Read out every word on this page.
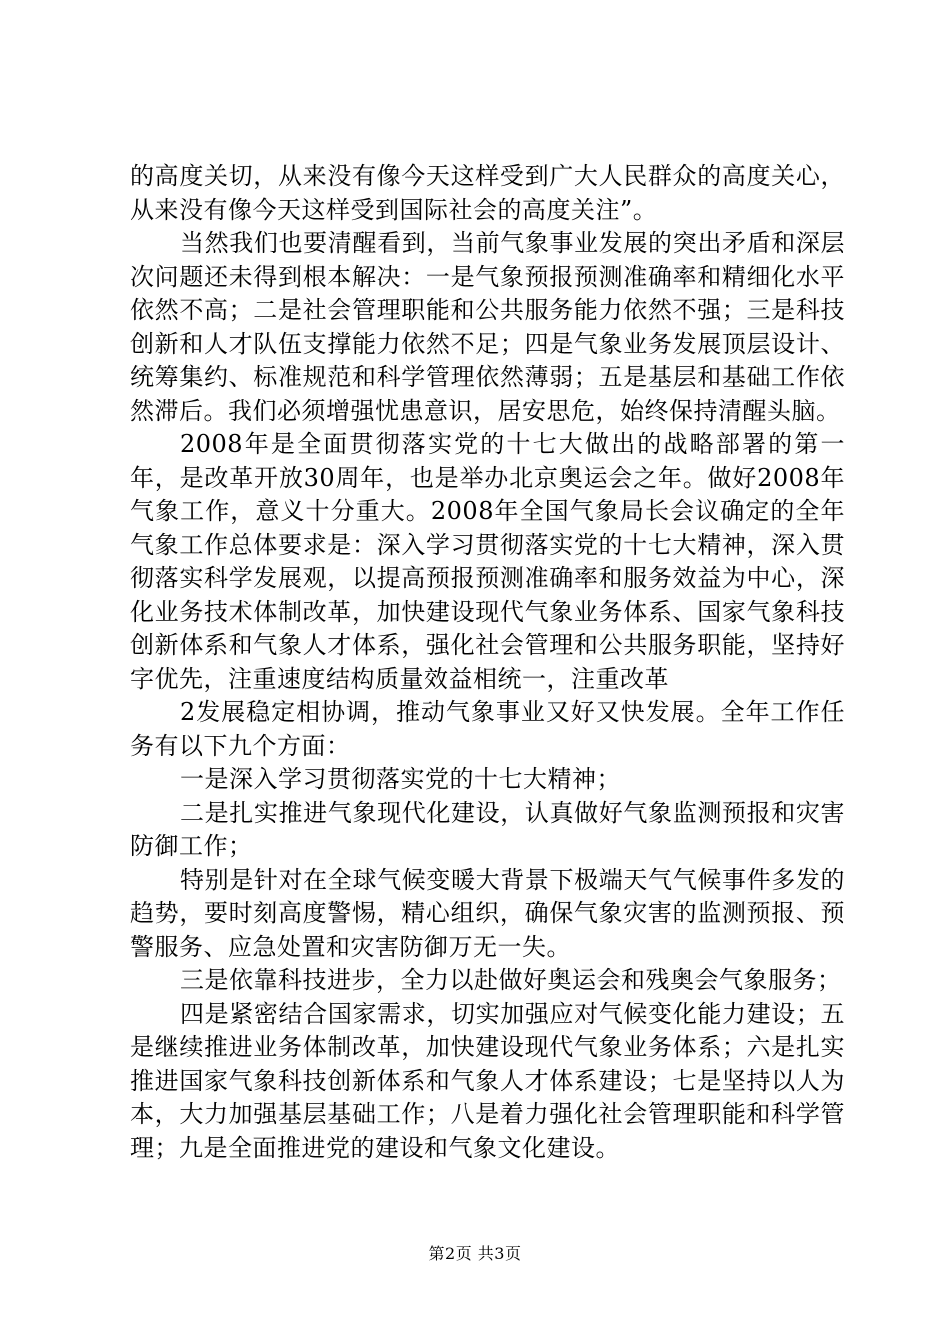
的高度关切，从来没有像今天这样受到广大人民群众的高度关心，从来没有像今天这样受到国际社会的高度关注”。

当然我们也要清醒看到，当前气象事业发展的突出矛盾和深层次问题还未得到根本解决：一是气象预报预测准确率和精细化水平依然不高；二是社会管理职能和公共服务能力依然不强；三是科技创新和人才队伍支撑能力依然不足；四是气象业务发展顶层设计、统筹集约、标准规范和科学管理依然薄弱；五是基层和基础工作依然滞后。我们必须增强忧患意识，居安思危，始终保持清醒头脑。

2008年是全面贯彻落实党的十七大做出的战略部署的第一年，是改革开放30周年，也是举办北京奥运会之年。做好2008年气象工作，意义十分重大。2008年全国气象局长会议确定的全年气象工作总体要求是：深入学习贯彻落实党的十七大精神，深入贯彻落实科学发展观，以提高预报预测准确率和服务效益为中心，深化业务技术体制改革，加快建设现代气象业务体系、国家气象科技创新体系和气象人才体系，强化社会管理和公共服务职能，坚持好字优先，注重速度结构质量效益相统一，注重改革

2发展稳定相协调，推动气象事业又好又快发展。全年工作任务有以下九个方面：

一是深入学习贯彻落实党的十七大精神；

二是扎实推进气象现代化建设，认真做好气象监测预报和灾害防御工作；

特别是针对在全球气候变暖大背景下极端天气气候事件多发的趋势，要时刻高度警惕，精心组织，确保气象灾害的监测预报、预警服务、应急处置和灾害防御万无一失。

三是依靠科技进步，全力以赴做好奥运会和残奥会气象服务；

四是紧密结合国家需求，切实加强应对气候变化能力建设；五是继续推进业务体制改革，加快建设现代气象业务体系；六是扎实推进国家气象科技创新体系和气象人才体系建设；七是坚持以人为本，大力加强基层基础工作；八是着力强化社会管理职能和科学管理；九是全面推进党的建设和气象文化建设。

第2页 共3页
